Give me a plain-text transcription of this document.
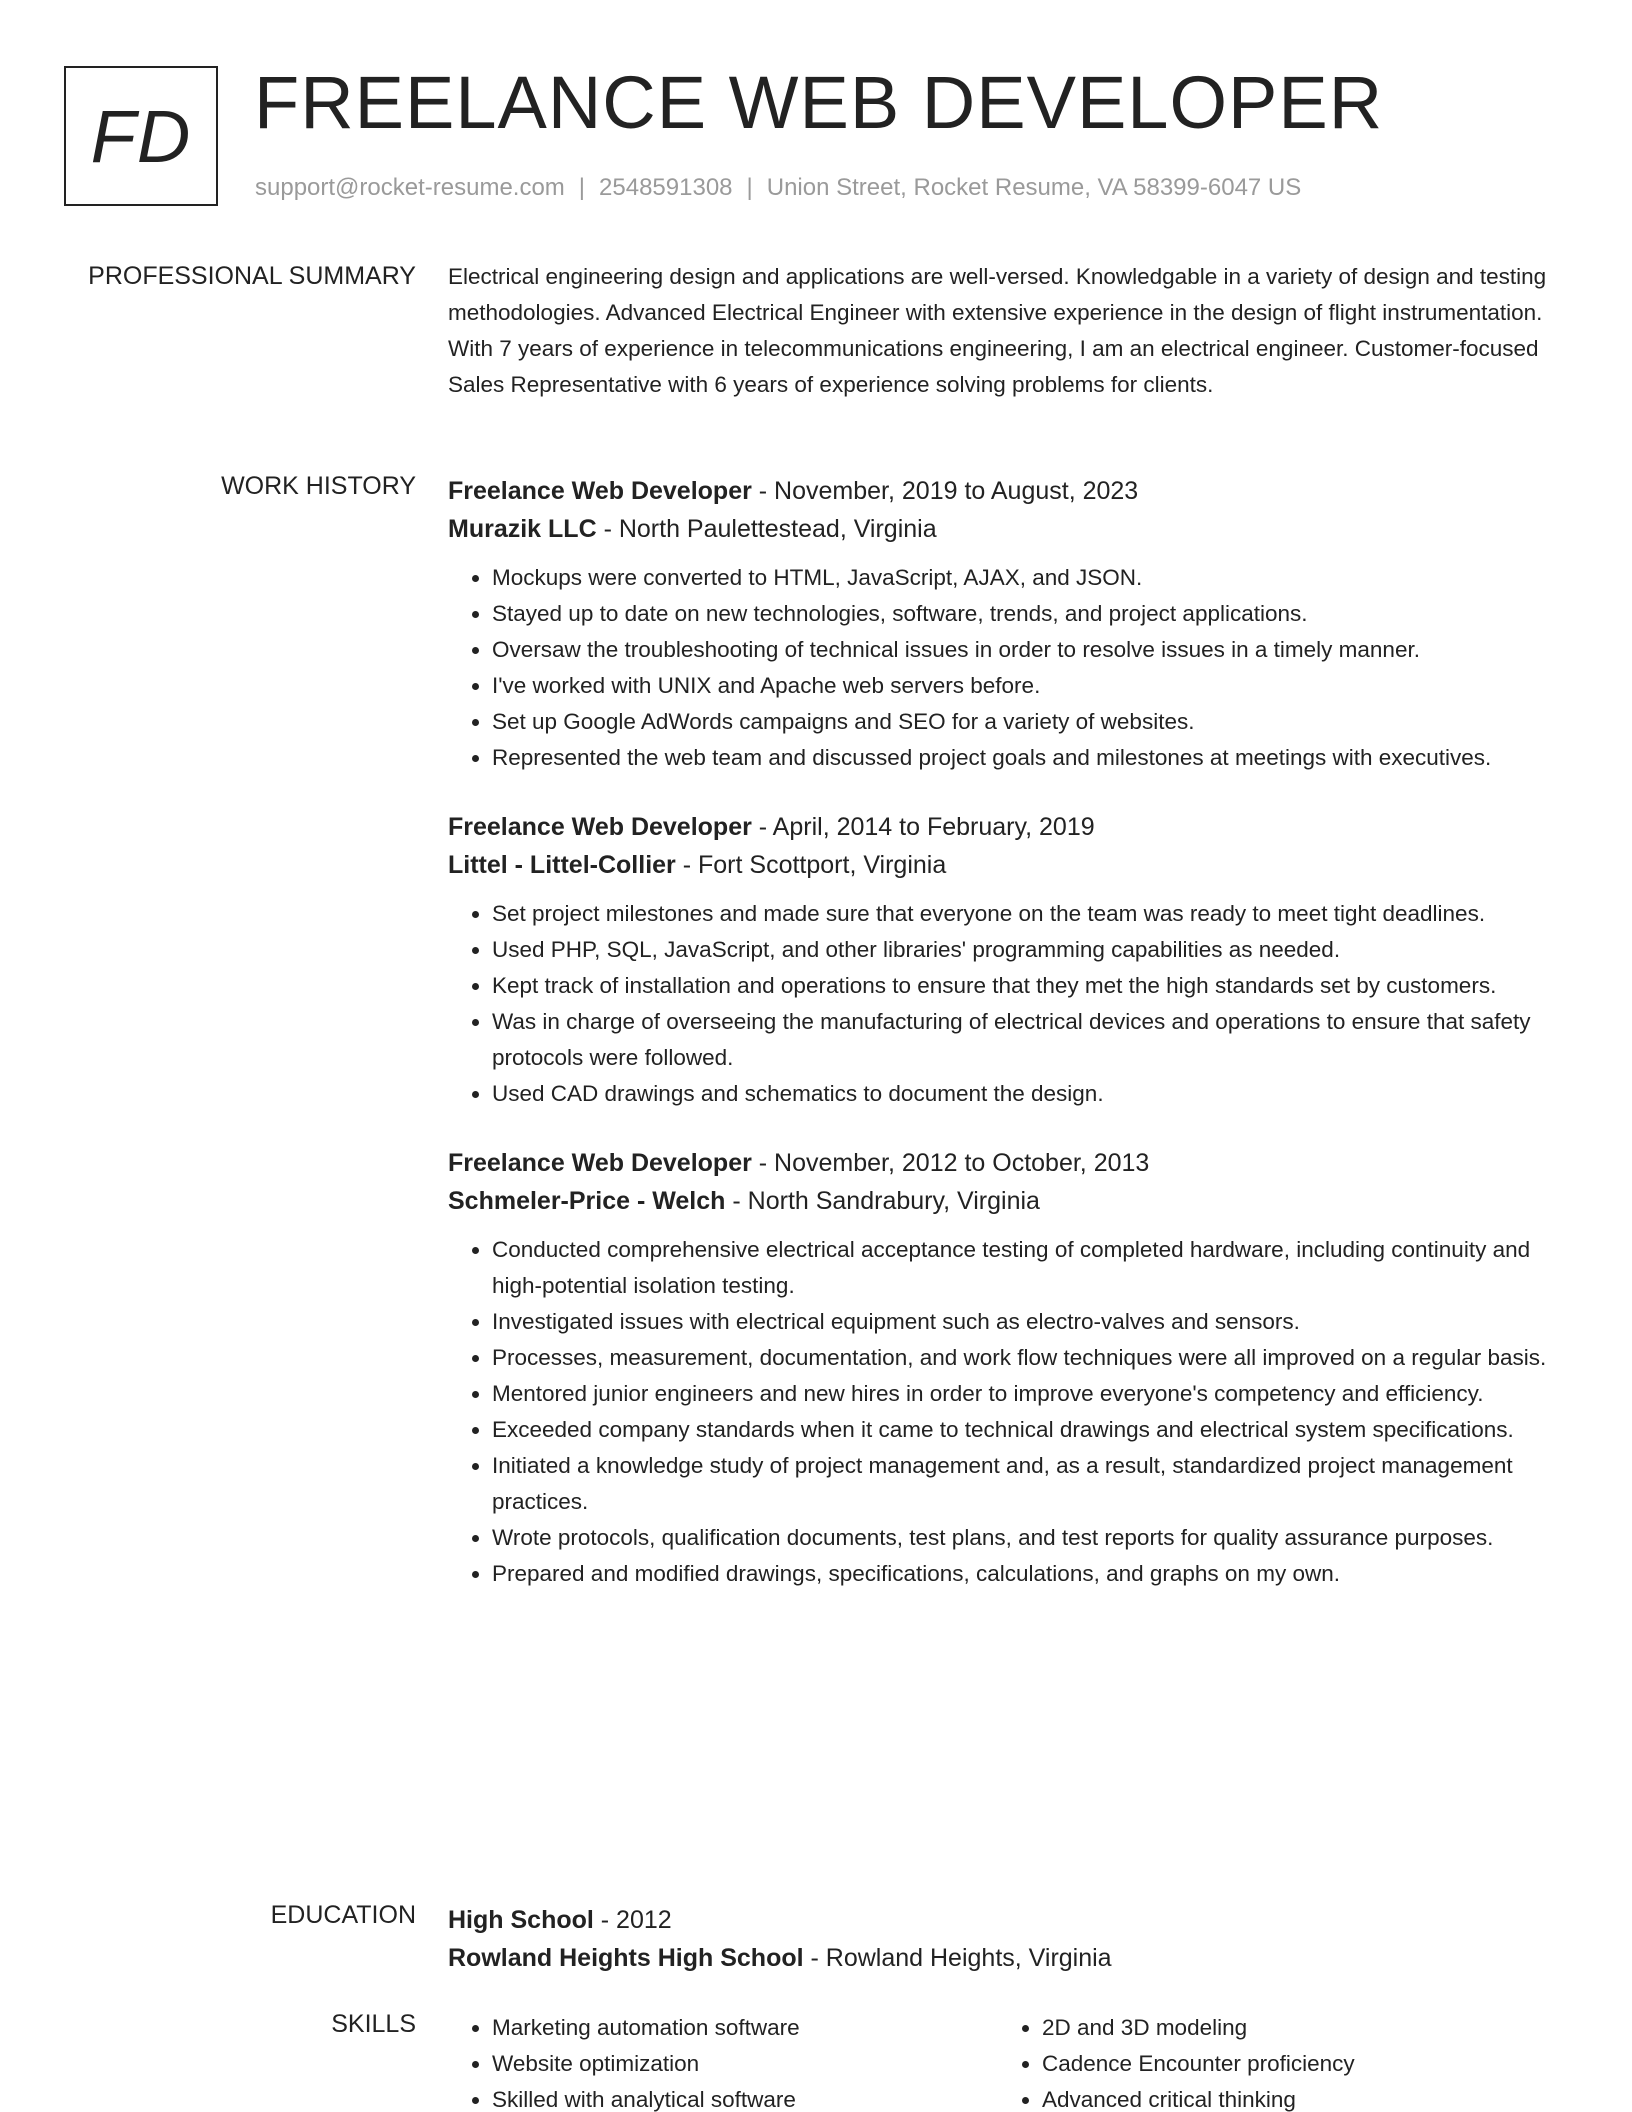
FD FREELANCE WEB DEVELOPER
support@rocket-resume.com | 2548591308 | Union Street, Rocket Resume, VA 58399-6047 US
PROFESSIONAL SUMMARY Electrical engineering design and applications are well-versed. Knowledgable in a variety of design and testing methodologies. Advanced Electrical Engineer with extensive experience in the design of flight instrumentation. With 7 years of experience in telecommunications engineering, I am an electrical engineer. Customer-focused Sales Representative with 6 years of experience solving problems for clients.

WORK HISTORY Freelance Web Developer - November, 2019 to August, 2023
Murazik LLC - North Paulettestead, Virginia
• Mockups were converted to HTML, JavaScript, AJAX, and JSON.
• Stayed up to date on new technologies, software, trends, and project applications.
• Oversaw the troubleshooting of technical issues in order to resolve issues in a timely manner.
• I've worked with UNIX and Apache web servers before.
• Set up Google AdWords campaigns and SEO for a variety of websites.
• Represented the web team and discussed project goals and milestones at meetings with executives.
Freelance Web Developer - April, 2014 to February, 2019
Littel - Littel-Collier - Fort Scottport, Virginia
• Set project milestones and made sure that everyone on the team was ready to meet tight deadlines.
• Used PHP, SQL, JavaScript, and other libraries' programming capabilities as needed.
• Kept track of installation and operations to ensure that they met the high standards set by customers.
• Was in charge of overseeing the manufacturing of electrical devices and operations to ensure that safety protocols were followed.
• Used CAD drawings and schematics to document the design.
Freelance Web Developer - November, 2012 to October, 2013
Schmeler-Price - Welch - North Sandrabury, Virginia
• Conducted comprehensive electrical acceptance testing of completed hardware, including continuity and high-potential isolation testing.
• Investigated issues with electrical equipment such as electro-valves and sensors.
• Processes, measurement, documentation, and work flow techniques were all improved on a regular basis.
• Mentored junior engineers and new hires in order to improve everyone's competency and efficiency.
• Exceeded company standards when it came to technical drawings and electrical system specifications.
• Initiated a knowledge study of project management and, as a result, standardized project management practices.
• Wrote protocols, qualification documents, test plans, and test reports for quality assurance purposes.
• Prepared and modified drawings, specifications, calculations, and graphs on my own.
EDUCATION High School - 2012
Rowland Heights High School - Rowland Heights, Virginia
SKILLS
•	Marketing automation software
• Website optimization
• Skilled with analytical software
• 2D and 3D modeling
• Cadence Encounter proficiency
• Advanced critical thinking
